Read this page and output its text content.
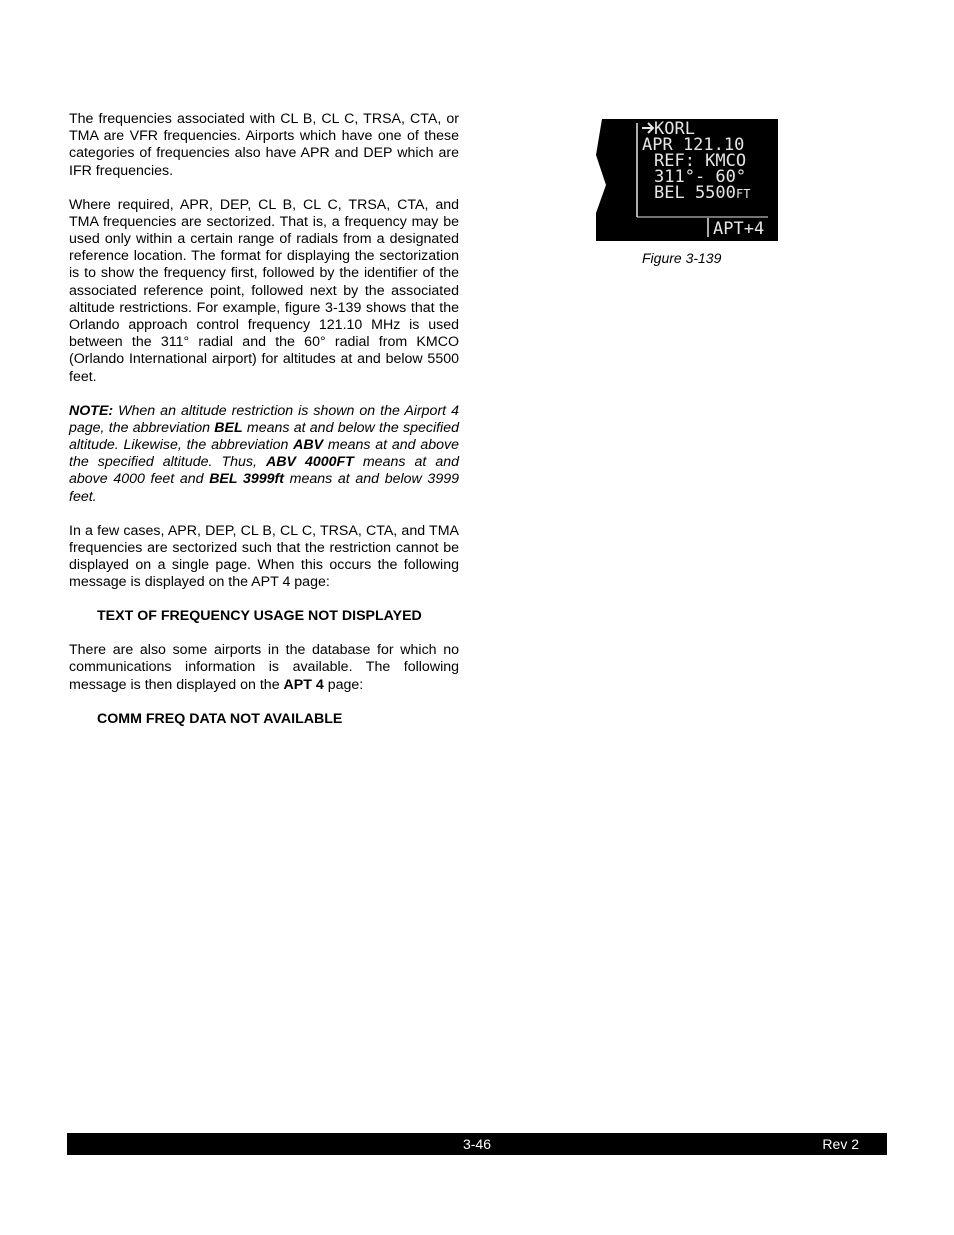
The frequencies associated with CL B, CL C, TRSA, CTA, or TMA are VFR frequencies. Airports which have one of these categories of frequencies also have APR and DEP which are IFR frequencies.

Where required, APR, DEP, CL B, CL C, TRSA, CTA, and TMA frequencies are sectorized. That is, a frequency may be used only within a certain range of radials from a designated reference location. The format for displaying the sectorization is to show the frequency first, followed by the identifier of the associated reference point, followed next by the associated altitude restrictions. For example, figure 3-139 shows that the Orlando approach control frequency 121.10 MHz is used between the 311° radial and the 60° radial from KMCO (Orlando International airport) for altitudes at and below 5500 feet.

NOTE: When an altitude restriction is shown on the Airport 4 page, the abbreviation BEL means at and below the specified altitude. Likewise, the abbreviation ABV means at and above the specified altitude. Thus, ABV 4000FT means at and above 4000 feet and BEL 3999ft means at and below 3999 feet.

In a few cases, APR, DEP, CL B, CL C, TRSA, CTA, and TMA frequencies are sectorized such that the restriction cannot be displayed on a single page. When this occurs the following message is displayed on the APT 4 page:

TEXT OF FREQUENCY USAGE NOT DISPLAYED

There are also some airports in the database for which no communications information is available. The following message is then displayed on the APT 4 page:

COMM FREQ DATA NOT AVAILABLE

KORL
APR 121.10
REF: KMCO
311°- 60°
BEL 5500 FT
APT+4
Figure 3-139
3-46	Rev 2
